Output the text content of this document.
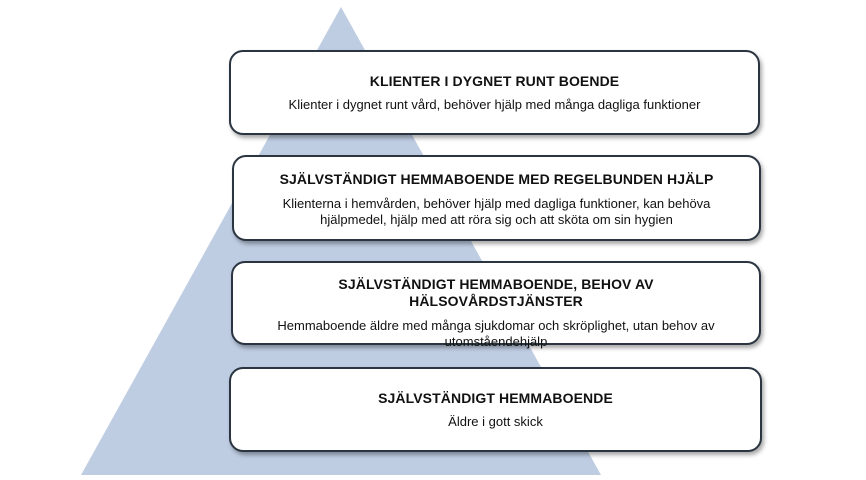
KLIENTER I DYGNET RUNT BOENDE
Klienter i dygnet runt vård, behöver hjälp med många dagliga funktioner
SJÄLVSTÄNDIGT HEMMABOENDE MED REGELBUNDEN HJÄLP
Klienterna i hemvården, behöver hjälp med dagliga funktioner, kan behöva hjälpmedel, hjälp med att röra sig och att sköta om sin hygien
SJÄLVSTÄNDIGT HEMMABOENDE, BEHOV AV HÄLSOVÅRDSTJÄNSTER
Hemmaboende äldre med många sjukdomar och skröplighet, utan behov av utomståendehjälp
SJÄLVSTÄNDIGT HEMMABOENDE
Äldre i gott skick
